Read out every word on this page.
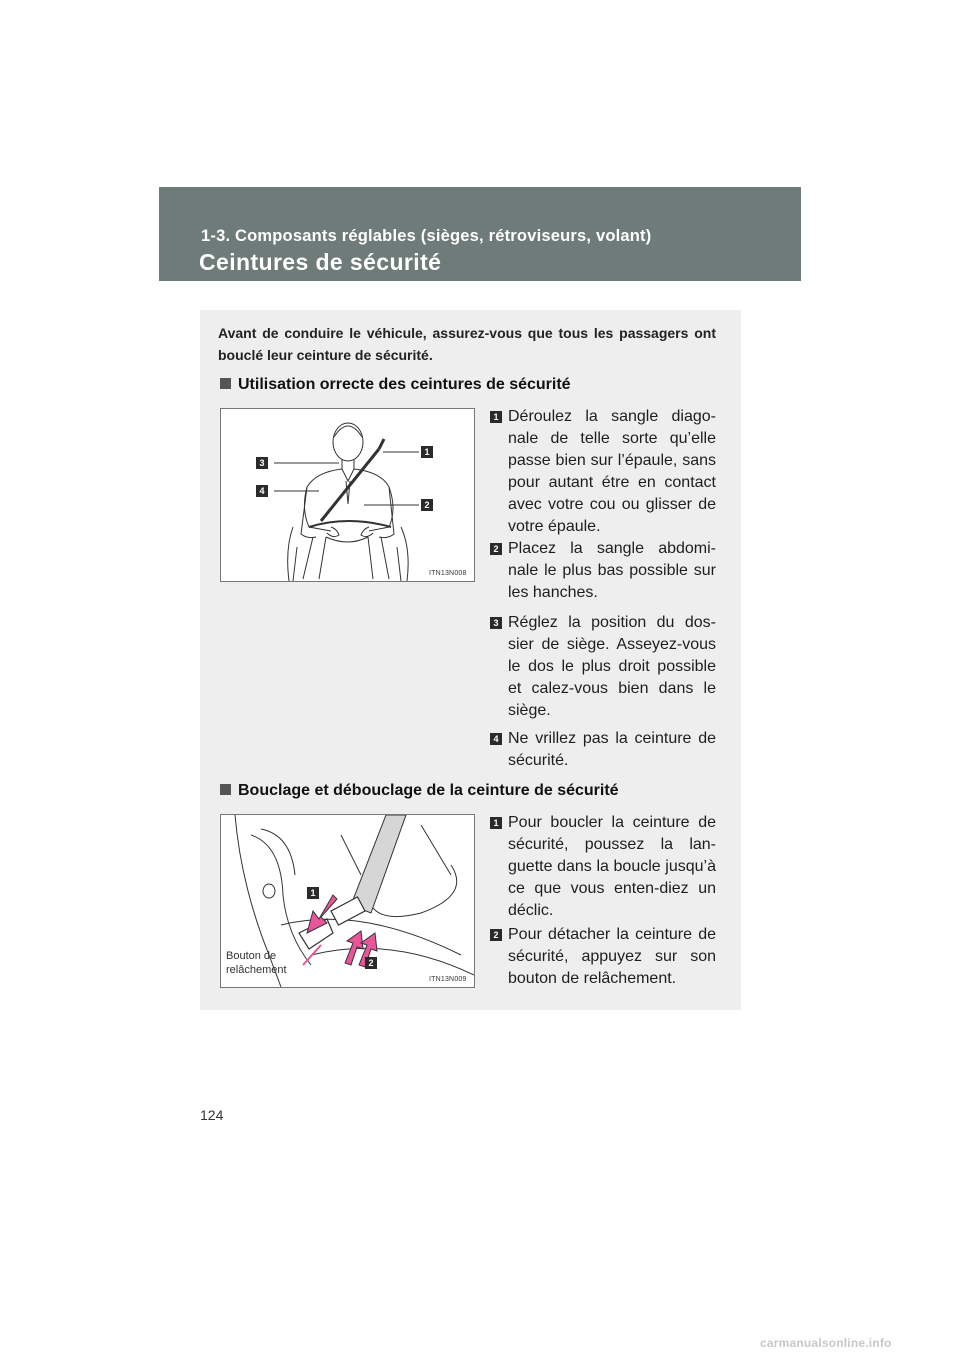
1-3. Composants réglables (sièges, rétroviseurs, volant)
Ceintures de sécurité
Avant de conduire le véhicule, assurez-vous que tous les passagers ont bouclé leur ceinture de sécurité.
Utilisation orrecte des ceintures de sécurité
1
2
3
4
ITN13N008
1 Déroulez la sangle diago-nale de telle sorte qu’elle passe bien sur l’épaule, sans pour autant étre en contact avec votre cou ou glisser de votre épaule.
2 Placez la sangle abdomi-nale le plus bas possible sur les hanches.
3 Réglez la position du dos-sier de siège. Asseyez-vous le dos le plus droit possible et calez-vous bien dans le siège.
4 Ne vrillez pas la ceinture de sécurité.
Bouclage et débouclage de la ceinture de sécurité
1
2
Bouton de relâchement
ITN13N009
1 Pour boucler la ceinture de sécurité, poussez la lan-guette dans la boucle jusqu’à ce que vous enten-diez un déclic.
2 Pour détacher la ceinture de sécurité, appuyez sur son bouton de relâchement.
124
carmanualsonline.info
